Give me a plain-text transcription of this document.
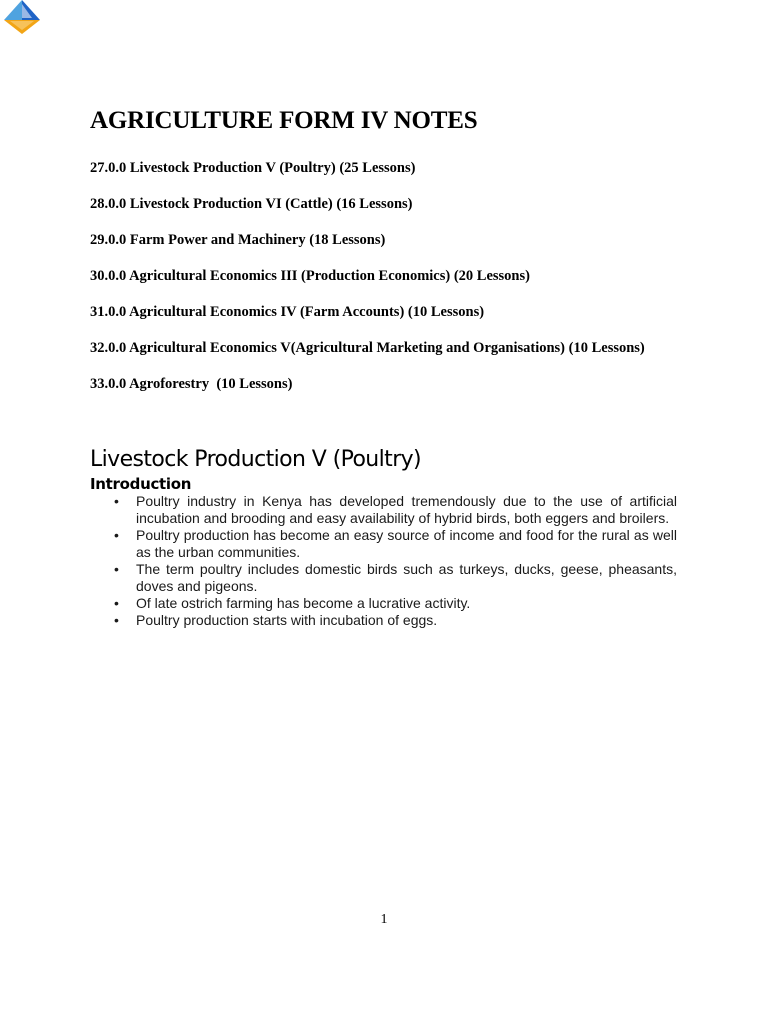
AGRICULTURE FORM IV NOTES
27.0.0 Livestock Production V (Poultry) (25 Lessons)
28.0.0 Livestock Production VI (Cattle) (16 Lessons)
29.0.0 Farm Power and Machinery (18 Lessons)
30.0.0 Agricultural Economics III (Production Economics) (20 Lessons)
31.0.0 Agricultural Economics IV (Farm Accounts) (10 Lessons)
32.0.0 Agricultural Economics V(Agricultural Marketing and Organisations) (10 Lessons)
33.0.0 Agroforestry  (10 Lessons)
Livestock Production V (Poultry)
Introduction
•	Poultry industry in Kenya has developed tremendously due to the use of artificial incubation and brooding and easy availability of hybrid birds, both eggers and broilers.
•	Poultry production has become an easy source of income and food for the rural as well as the urban communities.
•	The term poultry includes domestic birds such as turkeys, ducks, geese, pheasants, doves and pigeons.
•	Of late ostrich farming has become a lucrative activity.
•	Poultry production starts with incubation of eggs.
1
